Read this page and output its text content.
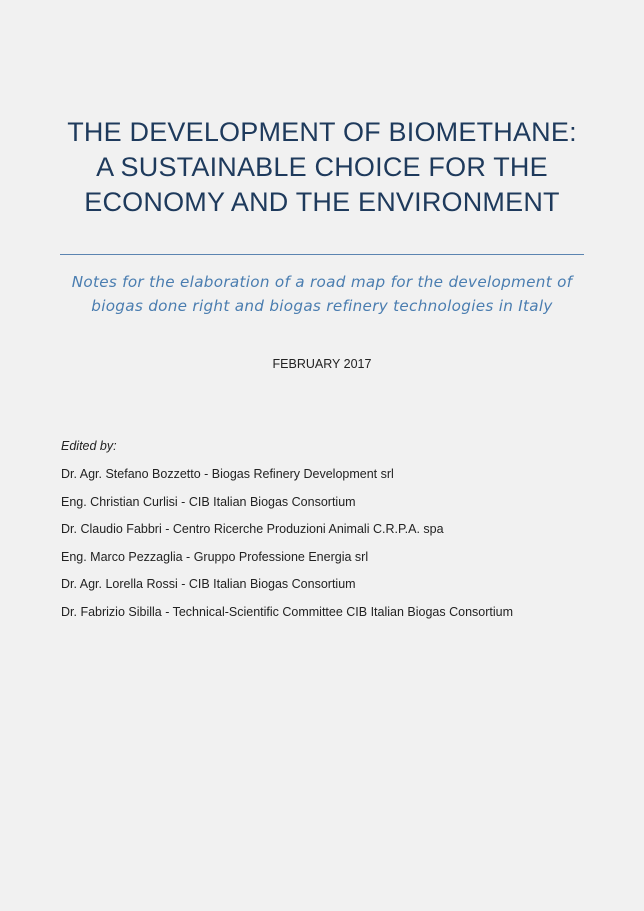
THE DEVELOPMENT OF BIOMETHANE:
A SUSTAINABLE CHOICE FOR THE
ECONOMY AND THE ENVIRONMENT
Notes for the elaboration of a road map for the development of
biogas done right and biogas refinery technologies in Italy
FEBRUARY 2017
Edited by:
Dr. Agr. Stefano Bozzetto - Biogas Refinery Development srl
Eng. Christian Curlisi - CIB Italian Biogas Consortium
Dr. Claudio Fabbri - Centro Ricerche Produzioni Animali C.R.P.A. spa
Eng. Marco Pezzaglia - Gruppo Professione Energia srl
Dr. Agr. Lorella Rossi - CIB Italian Biogas Consortium
Dr. Fabrizio Sibilla - Technical-Scientific Committee CIB Italian Biogas Consortium
